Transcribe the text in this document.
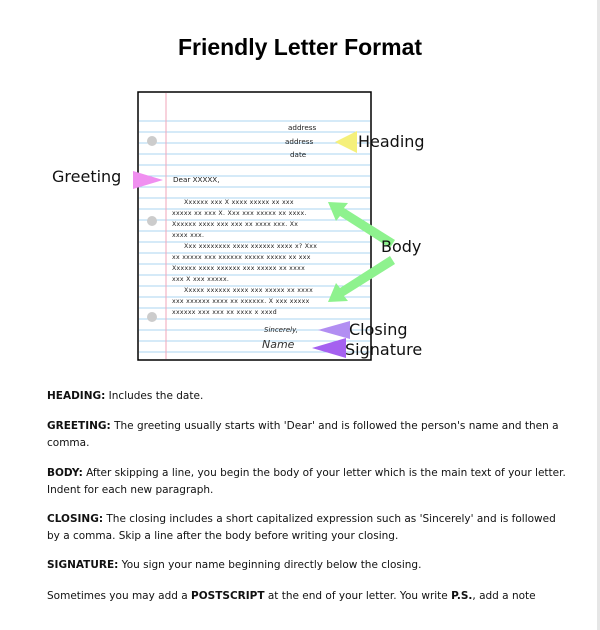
Friendly Letter Format
address
address
date
Dear XXXXX,
Xxxxxx xxx X xxxx xxxxx xx xxx
xxxxx xx xxx X. Xxx xxx xxxxx xx xxxx.
Xxxxxx xxxx xxx xxx xx xxxx xxx. Xx
xxxx xxx.
Xxx xxxxxxxx xxxx xxxxxx xxxx x? Xxx
xx xxxxx xxx xxxxxx xxxxx xxxxx xx xxx
Xxxxxx xxxx xxxxxx xxx xxxxx xx xxxx
xxx X xxx xxxxx.
Xxxxx xxxxxx xxxx xxx xxxxx xx xxxx
xxx xxxxxx xxxx xx xxxxxx. X xxx xxxxx
xxxxxx xxx xxx xx xxxx x xxxd
Sincerely,
Name
Heading
Greeting
Body
Closing
Signature
HEADING: Includes the date.
GREETING: The greeting usually starts with 'Dear' and is followed the person's name and then a comma.
BODY: After skipping a line, you begin the body of your letter which is the main text of your letter. Indent for each new paragraph.
CLOSING: The closing includes a short capitalized expression such as 'Sincerely' and is followed by a comma. Skip a line after the body before writing your closing.
SIGNATURE: You sign your name beginning directly below the closing.
Sometimes you may add a POSTSCRIPT at the end of your letter. You write P.S., add a note
